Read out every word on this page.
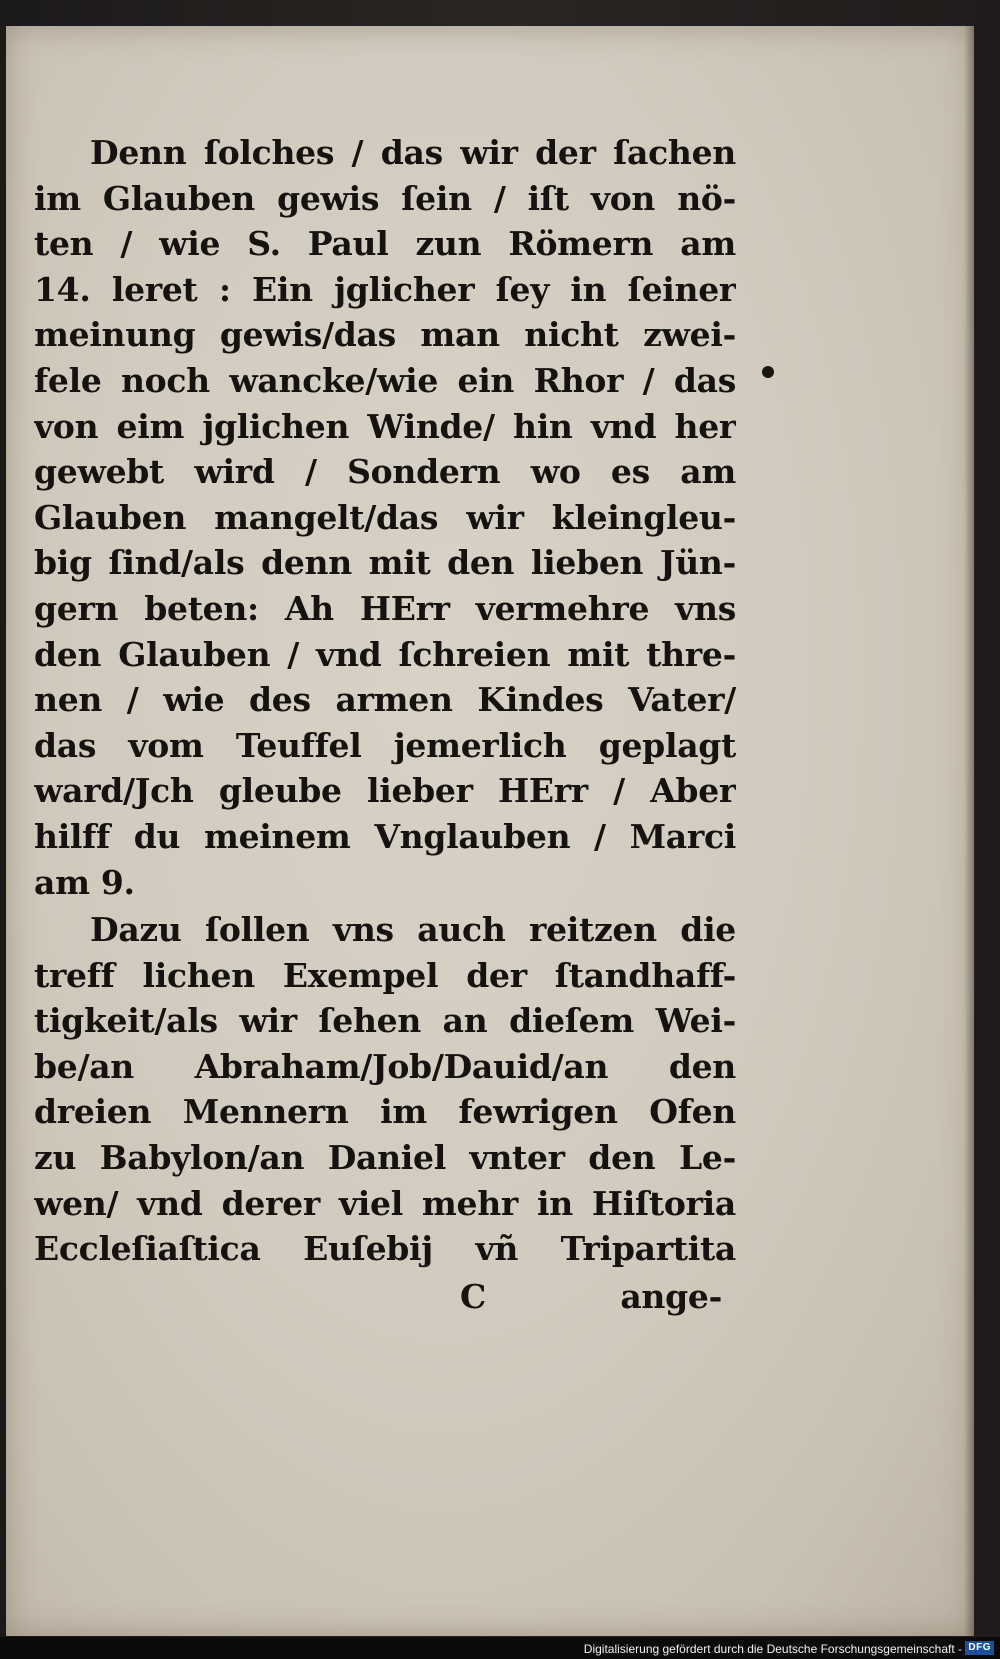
Denn ſolches / das wir der ſachen
im Glauben gewis ſein / iſt von nö-
ten / wie S. Paul zun Römern am
14. leret : Ein jglicher ſey in ſeiner
meinung gewis/das man nicht zwei-
fele noch wancke/wie ein Rhor / das
von eim jglichen Winde/ hin vnd her
gewebt wird / Sondern wo es am
Glauben mangelt/das wir kleingleu-
big ſind/als denn mit den lieben Jün-
gern beten: Ah HErr vermehre vns
den Glauben / vnd ſchreien mit thre-
nen / wie des armen Kindes Vater/
das vom Teuffel jemerlich geplagt
ward/Jch gleube lieber HErr / Aber
hilff du meinem Vnglauben / Marci
am 9.
Dazu ſollen vns auch reitzen die
treff lichen Exempel der ſtandhaff-
tigkeit/als wir ſehen an dieſem Wei-
be/an Abraham/Job/Dauid/an den
dreien Mennern im fewrigen Ofen
zu Babylon/an Daniel vnter den Le-
wen/ vnd derer viel mehr in Hiſtoria
Eccleſiaſtica Euſebij vñ Tripartita
C	ange-
Digitalisierung gefördert durch die Deutsche Forschungsgemeinschaft - DFG
